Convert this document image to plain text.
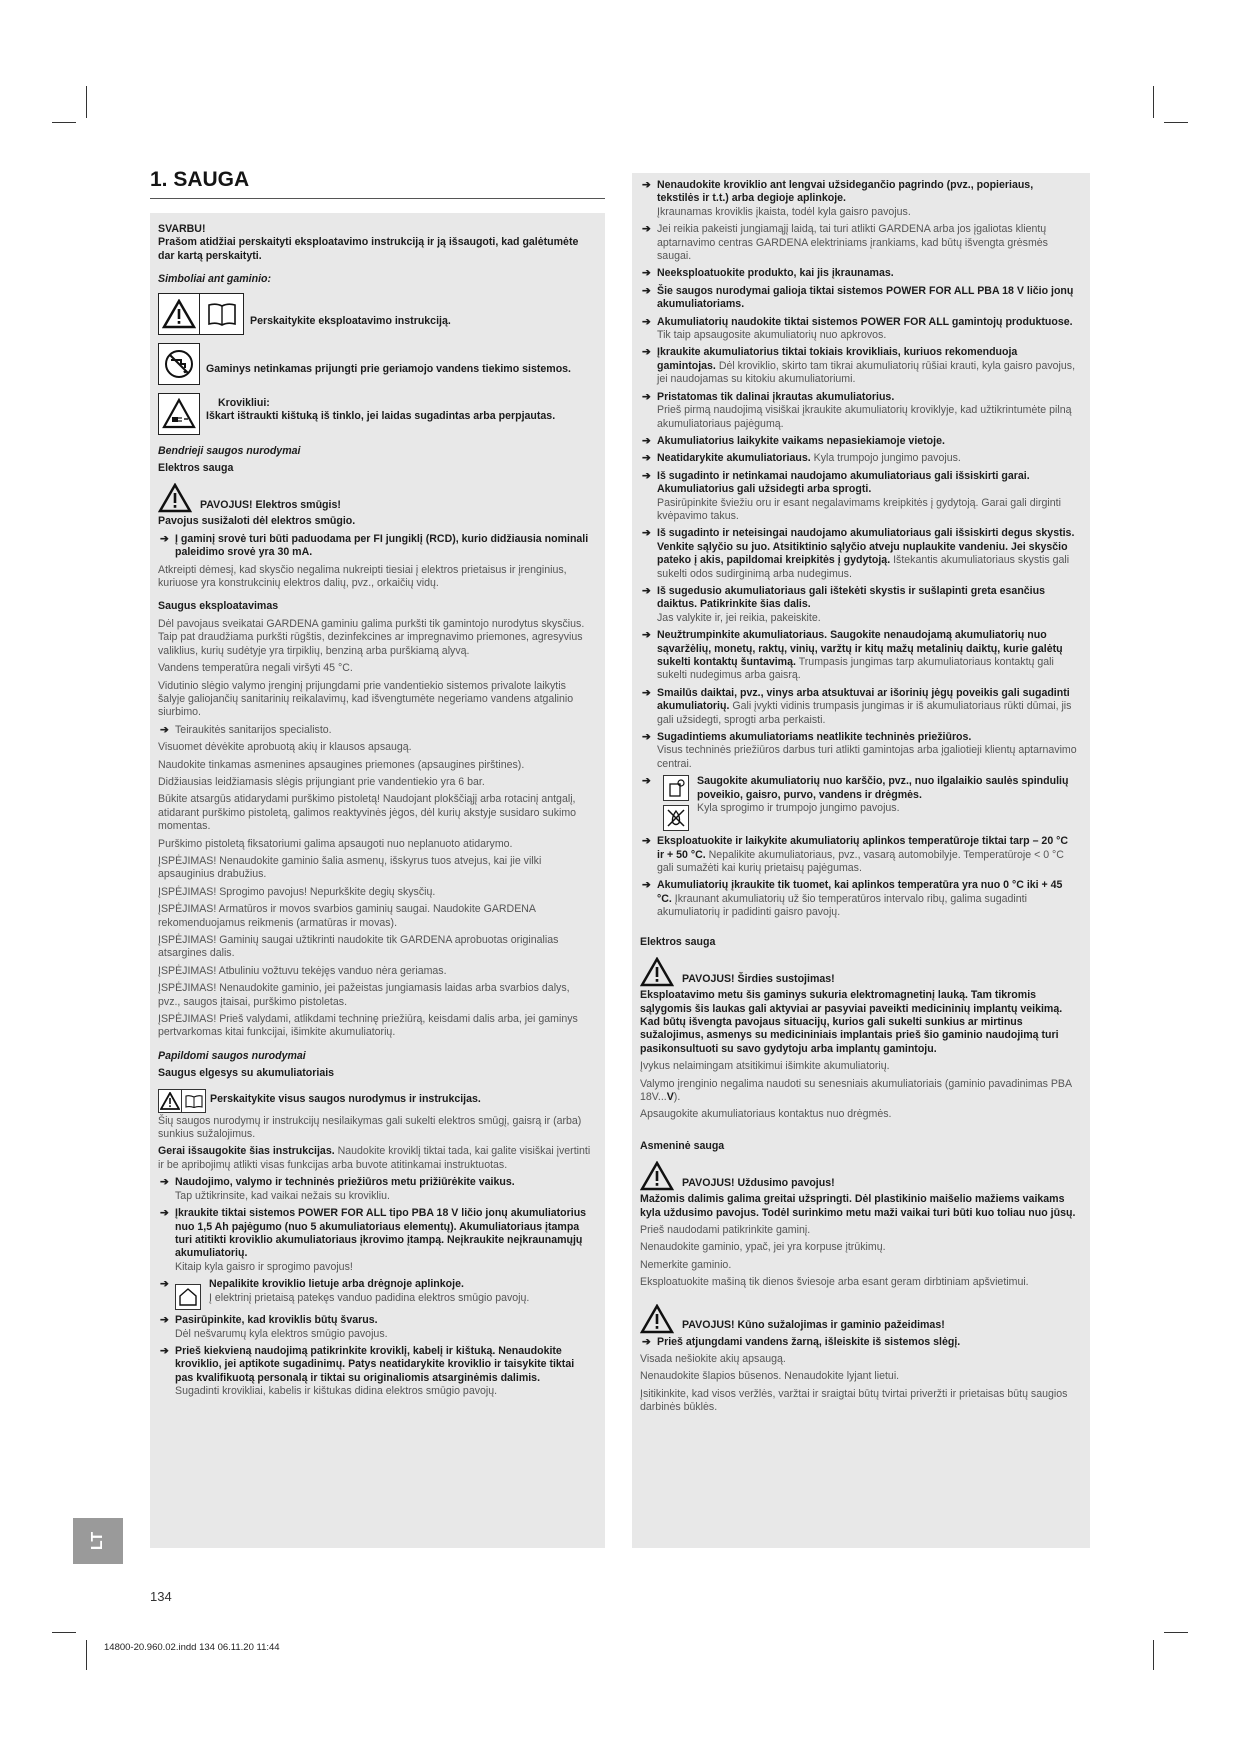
1. SAUGA
SVARBU!
Prašom atidžiai perskaityti eksploatavimo instrukciją ir ją išsaugoti, kad galėtumėte dar kartą perskaityti.
Simboliai ant gaminio:
Perskaitykite eksploatavimo instrukciją.
Gaminys netinkamas prijungti prie geriamojo vandens tiekimo sistemos.
Krovikliui:
Iškart ištraukti kištuką iš tinklo, jei laidas sugadintas arba perpjautas.
Bendrieji saugos nurodymai
Elektros sauga
PAVOJUS! Elektros smūgis!
Pavojus susižaloti dėl elektros smūgio.
➔ Į gaminį srovė turi būti paduodama per FI jungiklį (RCD), kurio didžiausia nominali paleidimo srovė yra 30 mA.
Atkreipti dėmesį, kad skysčio negalima nukreipti tiesiai į elektros prietaisus ir įrenginius, kuriuose yra konstrukcinių elektros dalių, pvz., orkaičių vidų.
Saugus eksploatavimas
Dėl pavojaus sveikatai GARDENA gaminiu galima purkšti tik gamintojo nurodytus skysčius. Taip pat draudžiama purkšti rūgštis, dezinfekcines ar impregnavimo priemones, agresyvius valiklius, kurių sudėtyje yra tirpiklių, benziną arba purškiamą alyvą.
Vandens temperatūra negali viršyti 45 °C.
Vidutinio slėgio valymo įrenginį prijungdami prie vandentiekio sistemos privalote laikytis šalyje galiojančių sanitarinių reikalavimų, kad išvengtumėte negeriamo vandens atgalinio siurbimo.
➔ Teiraukitės sanitarijos specialisto.
Visuomet dėvėkite aprobuotą akių ir klausos apsaugą.
Naudokite tinkamas asmenines apsaugines priemones (apsaugines pirštines).
Didžiausias leidžiamasis slėgis prijungiant prie vandentiekio yra 6 bar.
Būkite atsargūs atidarydami purškimo pistoletą! Naudojant plokščiąjį arba rotacinį antgalį, atidarant purškimo pistoletą, galimos reaktyvinės jėgos, dėl kurių akstyje susidaro sukimo momentas.
Purškimo pistoletą fiksatoriumi galima apsaugoti nuo neplanuoto atidarymo.
ĮSPĖJIMAS! Nenaudokite gaminio šalia asmenų, išskyrus tuos atvejus, kai jie vilki apsauginius drabužius.
ĮSPĖJIMAS! Sprogimo pavojus! Nepurkškite degių skysčių.
ĮSPĖJIMAS! Armatūros ir movos svarbios gaminių saugai. Naudokite GARDENA rekomenduojamus reikmenis (armatūras ir movas).
ĮSPĖJIMAS! Gaminių saugai užtikrinti naudokite tik GARDENA aprobuotas originalias atsargines dalis.
ĮSPĖJIMAS! Atbuliniu vožtuvu tekėjęs vanduo nėra geriamas.
ĮSPĖJIMAS! Nenaudokite gaminio, jei pažeistas jungiamasis laidas arba svarbios dalys, pvz., saugos įtaisai, purškimo pistoletas.
ĮSPĖJIMAS! Prieš valydami, atlikdami techninę priežiūrą, keisdami dalis arba, jei gaminys pertvarkomas kitai funkcijai, išimkite akumuliatorių.
Papildomi saugos nurodymai
Saugus elgesys su akumuliatoriais
Perskaitykite visus saugos nurodymus ir instrukcijas.
Šių saugos nurodymų ir instrukcijų nesilaikymas gali sukelti elektros smūgį, gaisrą ir (arba) sunkius sužalojimus.
Gerai išsaugokite šias instrukcijas. Naudokite kroviklį tiktai tada, kai galite visiškai įvertinti ir be apribojimų atlikti visas funkcijas arba buvote atitinkamai instruktuotas.
➔ Naudojimo, valymo ir techninės priežiūros metu prižiūrėkite vaikus.
Tap užtikrinsite, kad vaikai nežais su krovikliu.
➔ Įkraukite tiktai sistemos POWER FOR ALL tipo PBA 18 V ličio jonų akumuliatorius nuo 1,5 Ah pajėgumo (nuo 5 akumuliatoriaus elementų). Akumuliatoriaus įtampa turi atitikti kroviklio akumuliatoriaus įkrovimo įtampą. Neįkraukite neįkraunamųjų akumuliatorių.
Kitaip kyla gaisro ir sprogimo pavojus!
➔	Nepalikite kroviklio lietuje arba drėgnoje aplinkoje.
Į elektrinį prietaisą patekęs vanduo padidina elektros smūgio pavojų.
➔ Pasirūpinkite, kad kroviklis būtų švarus.
Dėl nešvarumų kyla elektros smūgio pavojus.
➔ Prieš kiekvieną naudojimą patikrinkite kroviklį, kabelį ir kištuką. Nenaudokite kroviklio, jei aptikote sugadinimų. Patys neatidarykite kroviklio ir taisykite tiktai pas kvalifikuotą personalą ir tiktai su originaliomis atsarginėmis dalimis.
Sugadinti krovikliai, kabelis ir kištukas didina elektros smūgio pavojų.
➔ Nenaudokite kroviklio ant lengvai užsidegančio pagrindo (pvz., popieriaus, tekstilės ir t.t.) arba degioje aplinkoje.
Įkraunamas kroviklis įkaista, todėl kyla gaisro pavojus.
➔ Jei reikia pakeisti jungiamąjį laidą, tai turi atlikti GARDENA arba jos įgaliotas klientų aptarnavimo centras GARDENA elektriniams įrankiams, kad būtų išvengta grėsmės saugai.
➔ Neeksploatuokite produkto, kai jis įkraunamas.
➔ Šie saugos nurodymai galioja tiktai sistemos POWER FOR ALL PBA 18 V ličio jonų akumuliatoriams.
➔ Akumuliatorių naudokite tiktai sistemos POWER FOR ALL gamintojų produktuose. Tik taip apsaugosite akumuliatorių nuo apkrovos.
➔ Įkraukite akumuliatorius tiktai tokiais krovikliais, kuriuos rekomenduoja gamintojas. Dėl kroviklio, skirto tam tikrai akumuliatorių rūšiai krauti, kyla gaisro pavojus, jei naudojamas su kitokiu akumuliatoriumi.
➔ Pristatomas tik dalinai įkrautas akumuliatorius.
Prieš pirmą naudojimą visiškai įkraukite akumuliatorių kroviklyje, kad užtikrintumėte pilną akumuliatoriaus pajėgumą.
➔ Akumuliatorius laikykite vaikams nepasiekiamoje vietoje.
➔ Neatidarykite akumuliatoriaus. Kyla trumpojo jungimo pavojus.
➔ Iš sugadinto ir netinkamai naudojamo akumuliatoriaus gali išsiskirti garai. Akumuliatorius gali užsidegti arba sprogti.
Pasirūpinkite šviežiu oru ir esant negalavimams kreipkitės į gydytoją. Garai gali dirginti kvėpavimo takus.
➔ Iš sugadinto ir neteisingai naudojamo akumuliatoriaus gali išsiskirti degus skystis. Venkite sąlyčio su juo. Atsitiktinio sąlyčio atveju nuplaukite vandeniu. Jei skysčio pateko į akis, papildomai kreipkitės į gydytoją. Ištekantis akumuliatoriaus skystis gali sukelti odos sudirginimą arba nudegimus.
➔ Iš sugedusio akumuliatoriaus gali ištekėti skystis ir sušlapinti greta esančius daiktus. Patikrinkite šias dalis.
Jas valykite ir, jei reikia, pakeiskite.
➔ Neužtrumpinkite akumuliatoriaus. Saugokite nenaudojamą akumuliatorių nuo sąvaržėlių, monetų, raktų, vinių, varžtų ir kitų mažų metalinių daiktų, kurie galėtų sukelti kontaktų šuntavimą. Trumpasis jungimas tarp akumuliatoriaus kontaktų gali sukelti nudegimus arba gaisrą.
➔ Smailūs daiktai, pvz., vinys arba atsuktuvai ar išorinių jėgų poveikis gali sugadinti akumuliatorių. Gali įvykti vidinis trumpasis jungimas ir iš akumuliatoriaus rūkti dūmai, jis gali užsidegti, sprogti arba perkaisti.
➔ Sugadintiems akumuliatoriams neatlikite techninės priežiūros.
Visus techninės priežiūros darbus turi atlikti gamintojas arba įgaliotieji klientų aptarnavimo centrai.
➔	Saugokite akumuliatorių nuo karščio, pvz., nuo ilgalaikio saulės spindulių poveikio, gaisro, purvo, vandens ir drėgmės.
Kyla sprogimo ir trumpojo jungimo pavojus.
➔ Eksploatuokite ir laikykite akumuliatorių aplinkos temperatūroje tiktai tarp – 20 °C ir + 50 °C. Nepalikite akumuliatoriaus, pvz., vasarą automobilyje. Temperatūroje < 0 °C gali sumažėti kai kurių prietaisų pajėgumas.
➔ Akumuliatorių įkraukite tik tuomet, kai aplinkos temperatūra yra nuo 0 °C iki + 45 °C. Įkraunant akumuliatorių už šio temperatūros intervalo ribų, galima sugadinti akumuliatorių ir padidinti gaisro pavojų.
Elektros sauga
PAVOJUS! Širdies sustojimas!
Eksploatavimo metu šis gaminys sukuria elektromagnetinį lauką. Tam tikromis sąlygomis šis laukas gali aktyviai ar pasyviai paveikti medicininių implantų veikimą. Kad būtų išvengta pavojaus situacijų, kurios gali sukelti sunkius ar mirtinus sužalojimus, asmenys su medicininiais implantais prieš šio gaminio naudojimą turi pasikonsultuoti su savo gydytoju arba implantų gamintoju.
Įvykus nelaimingam atsitikimui išimkite akumuliatorių.
Valymo įrenginio negalima naudoti su senesniais akumuliatoriais (gaminio pavadinimas PBA 18V...V).
Apsaugokite akumuliatoriaus kontaktus nuo drėgmės.
Asmeninė sauga
PAVOJUS! Uždusimo pavojus!
Mažomis dalimis galima greitai užspringti. Dėl plastikinio maišelio mažiems vaikams kyla uždusimo pavojus. Todėl surinkimo metu maži vaikai turi būti kuo toliau nuo jūsų.
Prieš naudodami patikrinkite gaminį.
Nenaudokite gaminio, ypač, jei yra korpuse įtrūkimų.
Nemerkite gaminio.
Eksploatuokite mašiną tik dienos šviesoje arba esant geram dirbtiniam apšvietimui.
PAVOJUS! Kūno sužalojimas ir gaminio pažeidimas!
➔ Prieš atjungdami vandens žarną, išleiskite iš sistemos slėgį.
Visada nešiokite akių apsaugą.
Nenaudokite šlapios būsenos. Nenaudokite lyjant lietui.
Įsitikinkite, kad visos veržlės, varžtai ir sraigtai būtų tvirtai priveržti ir prietaisas būtų saugios darbinės būklės.
LT
134
14800-20.960.02.indd 134 06.11.20 11:44
